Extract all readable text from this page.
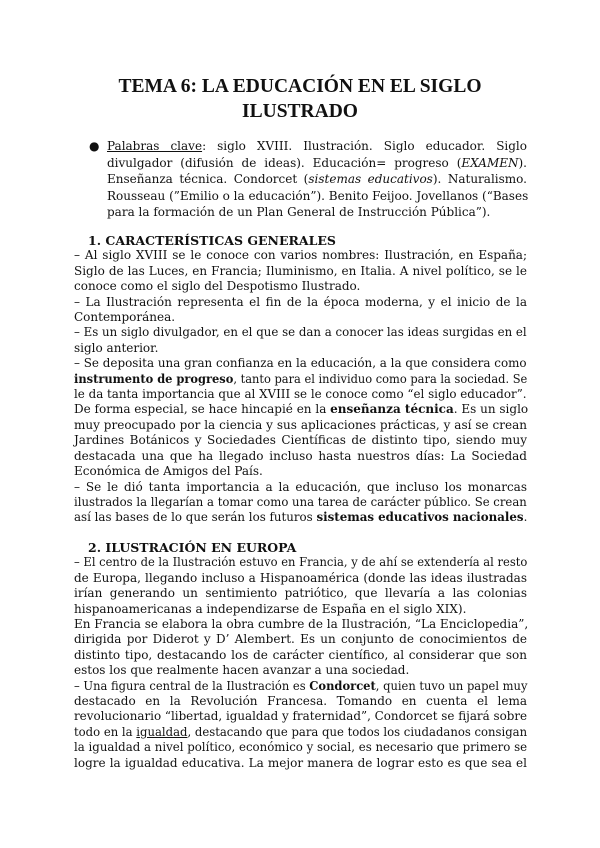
TEMA 6: LA EDUCACIÓN EN EL SIGLO
ILUSTRADO
● Palabras clave: siglo XVIII. Ilustración. Siglo educador. Siglo
divulgador (difusión de ideas). Educación= progreso (EXAMEN).
Enseñanza técnica. Condorcet (sistemas educativos). Naturalismo.
Rousseau (”Emilio o la educación”). Benito Feijoo. Jovellanos (“Bases
para la formación de un Plan General de Instrucción Pública”).
1. CARACTERÍSTICAS GENERALES
– Al siglo XVIII se le conoce con varios nombres: Ilustración, en España;
Siglo de las Luces, en Francia; Iluminismo, en Italia. A nivel político, se le
conoce como el siglo del Despotismo Ilustrado.
– La Ilustración representa el fin de la época moderna, y el inicio de la
Contemporánea.
– Es un siglo divulgador, en el que se dan a conocer las ideas surgidas en el
siglo anterior.
– Se deposita una gran confianza en la educación, a la que considera como
instrumento de progreso, tanto para el individuo como para la sociedad. Se
le da tanta importancia que al XVIII se le conoce como “el siglo educador”.
De forma especial, se hace hincapié en la enseñanza técnica. Es un siglo
muy preocupado por la ciencia y sus aplicaciones prácticas, y así se crean
Jardines Botánicos y Sociedades Científicas de distinto tipo, siendo muy
destacada una que ha llegado incluso hasta nuestros días: La Sociedad
Económica de Amigos del País.
– Se le dió tanta importancia a la educación, que incluso los monarcas
ilustrados la llegarían a tomar como una tarea de carácter público. Se crean
así las bases de lo que serán los futuros sistemas educativos nacionales.
2. ILUSTRACIÓN EN EUROPA
– El centro de la Ilustración estuvo en Francia, y de ahí se extendería al resto
de Europa, llegando incluso a Hispanoamérica (donde las ideas ilustradas
irían generando un sentimiento patriótico, que llevaría a las colonias
hispanoamericanas a independizarse de España en el siglo XIX).
En Francia se elabora la obra cumbre de la Ilustración, “La Enciclopedia”,
dirigida por Diderot y D’ Alembert. Es un conjunto de conocimientos de
distinto tipo, destacando los de carácter científico, al considerar que son
estos los que realmente hacen avanzar a una sociedad.
– Una figura central de la Ilustración es Condorcet, quien tuvo un papel muy
destacado en la Revolución Francesa. Tomando en cuenta el lema
revolucionario “libertad, igualdad y fraternidad”, Condorcet se fijará sobre
todo en la igualdad, destacando que para que todos los ciudadanos consigan
la igualdad a nivel político, económico y social, es necesario que primero se
logre la igualdad educativa. La mejor manera de lograr esto es que sea el
